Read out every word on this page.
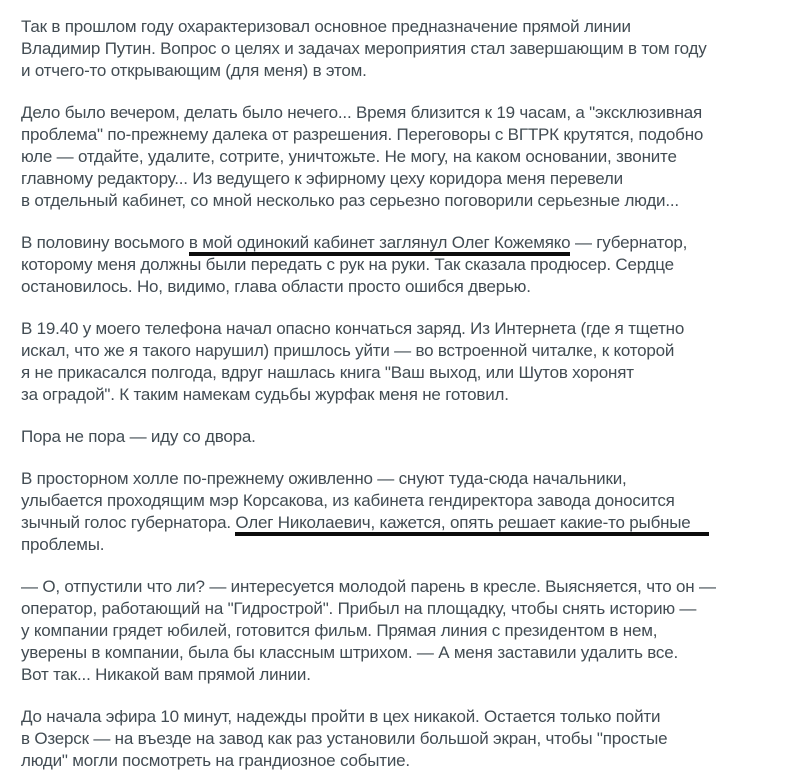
Так в прошлом году охарактеризовал основное предназначение прямой линии
Владимир Путин. Вопрос о целях и задачах мероприятия стал завершающим в том году
и отчего-то открывающим (для меня) в этом.

Дело было вечером, делать было нечего... Время близится к 19 часам, а "эксклюзивная
проблема" по-прежнему далека от разрешения. Переговоры с ВГТРК крутятся, подобно
юле — отдайте, удалите, сотрите, уничтожьте. Не могу, на каком основании, звоните
главному редактору... Из ведущего к эфирному цеху коридора меня перевели
в отдельный кабинет, со мной несколько раз серьезно поговорили серьезные люди...

В половину восьмого в мой одинокий кабинет заглянул Олег Кожемяко — губернатор,
которому меня должны были передать с рук на руки. Так сказала продюсер. Сердце
остановилось. Но, видимо, глава области просто ошибся дверью.

В 19.40 у моего телефона начал опасно кончаться заряд. Из Интернета (где я тщетно
искал, что же я такого нарушил) пришлось уйти — во встроенной читалке, к которой
я не прикасался полгода, вдруг нашлась книга "Ваш выход, или Шутов хоронят
за оградой". К таким намекам судьбы журфак меня не готовил.

Пора не пора — иду со двора.

В просторном холле по-прежнему оживленно — снуют туда-сюда начальники,
улыбается проходящим мэр Корсакова, из кабинета гендиректора завода доносится
зычный голос губернатора. Олег Николаевич, кажется, опять решает какие-то рыбные
проблемы.

— О, отпустили что ли? — интересуется молодой парень в кресле. Выясняется, что он —
оператор, работающий на "Гидрострой". Прибыл на площадку, чтобы снять историю —
у компании грядет юбилей, готовится фильм. Прямая линия с президентом в нем,
уверены в компании, была бы классным штрихом. — А меня заставили удалить все.
Вот так... Никакой вам прямой линии.

До начала эфира 10 минут, надежды пройти в цех никакой. Остается только пойти
в Озерск — на въезде на завод как раз установили большой экран, чтобы "простые
люди" могли посмотреть на грандиозное событие.
